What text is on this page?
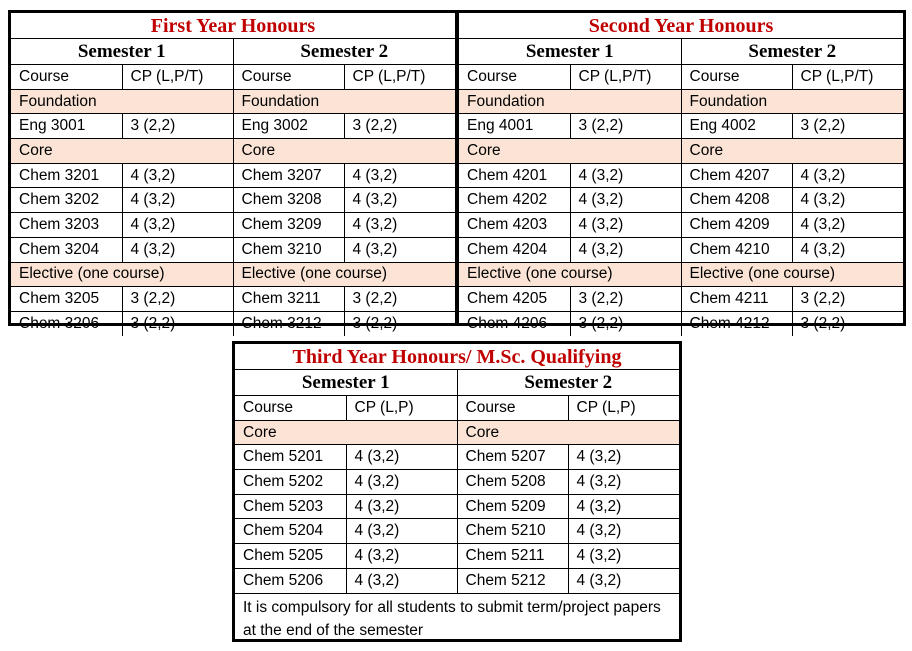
First Year Honours			
Semester 1		Semester 2	
Course	CP (L,P/T)	Course	CP (L,P/T)
Foundation		Foundation	
Eng 3001	3 (2,2)	Eng 3002	3 (2,2)
Core		Core	
Chem 3201	4 (3,2)	Chem 3207	4 (3,2)
Chem 3202	4 (3,2)	Chem 3208	4 (3,2)
Chem 3203	4 (3,2)	Chem 3209	4 (3,2)
Chem 3204	4 (3,2)	Chem 3210	4 (3,2)
Elective (one course)		Elective (one course)	
Chem 3205	3 (2,2)	Chem 3211	3 (2,2)
Chem 3206	3 (2,2)	Chem 3212	3 (2,2)
Second Year Honours			
Semester 1		Semester 2	
Course	CP (L,P/T)	Course	CP (L,P/T)
Foundation		Foundation	
Eng 4001	3 (2,2)	Eng 4002	3 (2,2)
Core		Core	
Chem 4201	4 (3,2)	Chem 4207	4 (3,2)
Chem 4202	4 (3,2)	Chem 4208	4 (3,2)
Chem 4203	4 (3,2)	Chem 4209	4 (3,2)
Chem 4204	4 (3,2)	Chem 4210	4 (3,2)
Elective (one course)		Elective (one course)	
Chem 4205	3 (2,2)	Chem 4211	3 (2,2)
Chem 4206	3 (2,2)	Chem 4212	3 (2,2)
Third Year Honours/ M.Sc. Qualifying			
Semester 1		Semester 2	
Course	CP (L,P)	Course	CP (L,P)
Core		Core	
Chem 5201	4 (3,2)	Chem 5207	4 (3,2)
Chem 5202	4 (3,2)	Chem 5208	4 (3,2)
Chem 5203	4 (3,2)	Chem 5209	4 (3,2)
Chem 5204	4 (3,2)	Chem 5210	4 (3,2)
Chem 5205	4 (3,2)	Chem 5211	4 (3,2)
Chem 5206	4 (3,2)	Chem 5212	4 (3,2)
It is compulsory for all students to submit term/project papers at the end of the semester			
